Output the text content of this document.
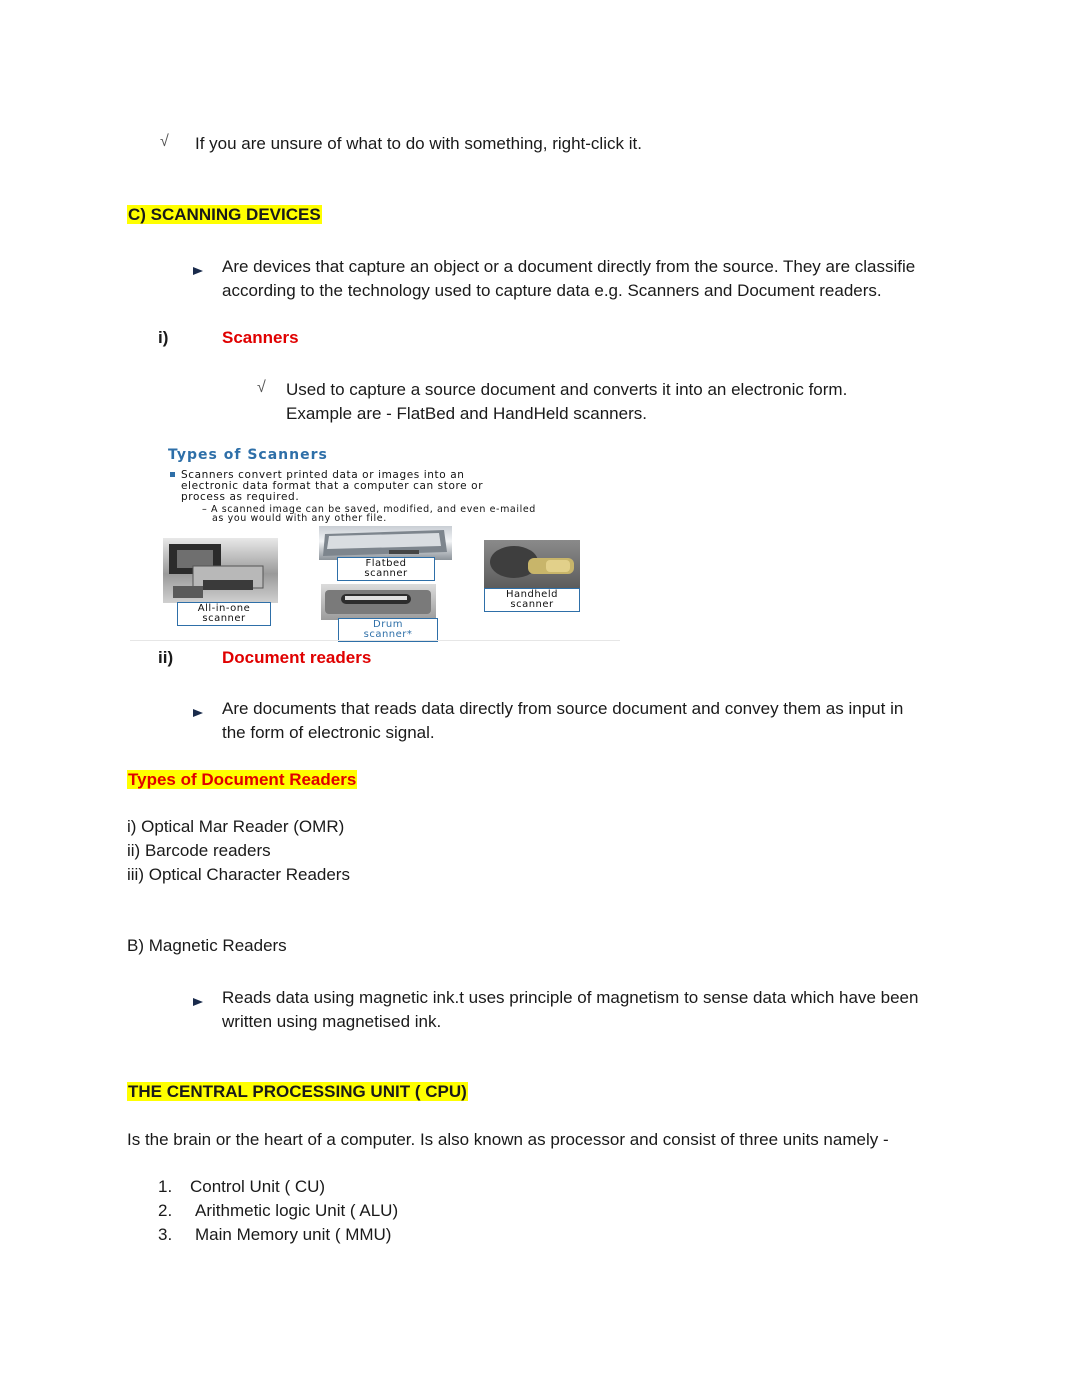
√ If you are unsure of what to do with something, right-click it.
C) SCANNING DEVICES
Are devices that capture an object or a document directly from the source. They are classifie
according to the technology used to capture data e.g. Scanners and Document readers.
i)	Scanners
√ Used to capture a source document and converts it into an electronic form.
Example are - FlatBed and HandHeld scanners.
Types of Scanners
Scanners convert printed data or images into an
electronic data format that a computer can store or
process as required.
– A scanned image can be saved, modified, and even e-mailed
as you would with any other file.
All-in-one
scanner
Flatbed
scanner
Drum
scanner*
Handheld
scanner
ii)	Document readers
Are documents that reads data directly from source document and convey them as input in
the form of electronic signal.
Types of Document Readers
i) Optical Mar Reader (OMR)
ii) Barcode readers
iii) Optical Character Readers
B) Magnetic Readers
Reads data using magnetic ink.t uses principle of magnetism to sense data which have been
written using magnetised ink.
THE CENTRAL PROCESSING UNIT ( CPU)
Is the brain or the heart of a computer. Is also known as processor and consist of three units namely -
1. Control Unit ( CU)
2. Arithmetic logic Unit ( ALU)
3. Main Memory unit ( MMU)
